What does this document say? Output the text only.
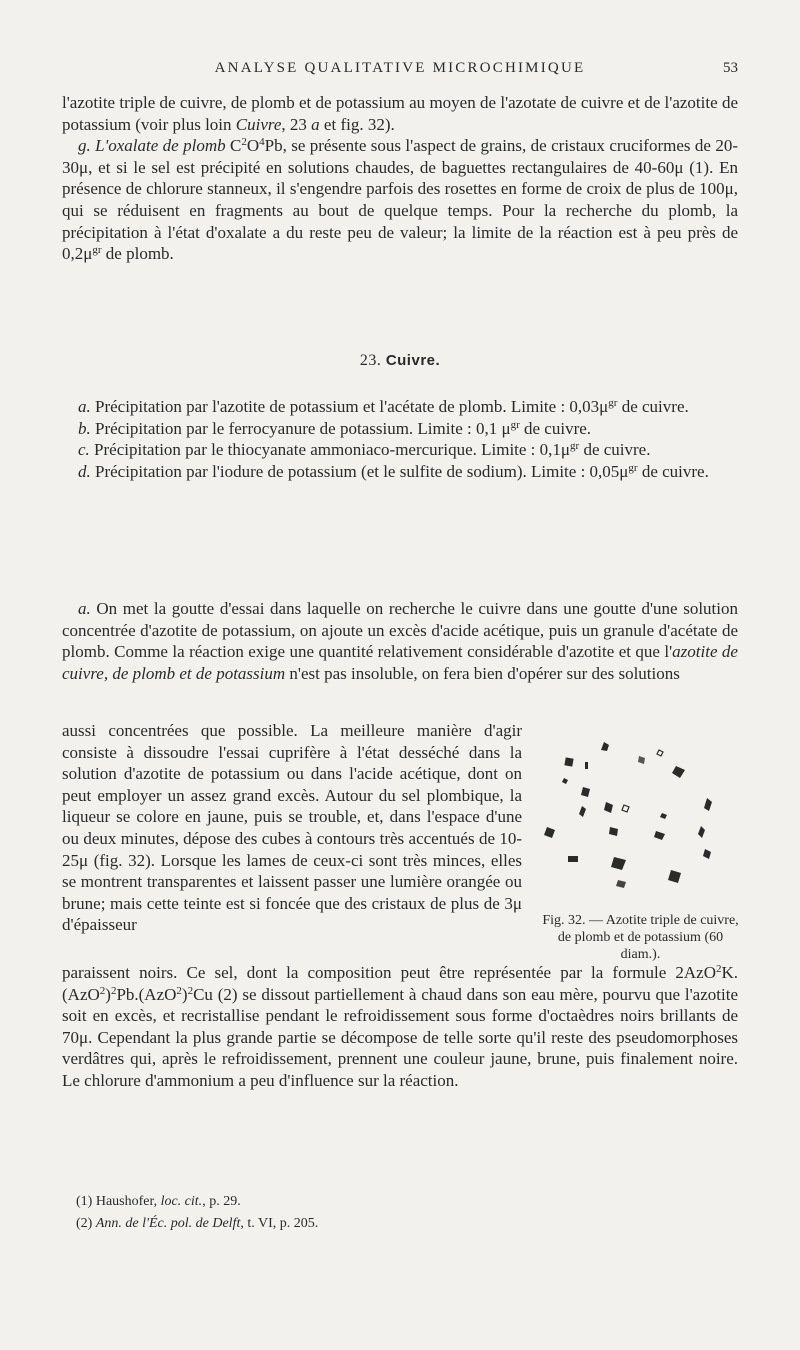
ANALYSE QUALITATIVE MICROCHIMIQUE	53

l'azotite triple de cuivre, de plomb et de potassium au moyen de l'azotate de cuivre et de l'azotite de potassium (voir plus loin Cuivre, 23 a et fig. 32).

g. L'oxalate de plomb $C^2O^4Pb$, se présente sous l'aspect de grains, de cristaux cruciformes de 20-30μ, et si le sel est précipité en solutions chaudes, de baguettes rectangulaires de 40-60μ (1). En présence de chlorure stanneux, il s'engendre parfois des rosettes en forme de croix de plus de 100μ, qui se réduisent en fragments au bout de quelque temps. Pour la recherche du plomb, la précipitation à l'état d'oxalate a du reste peu de valeur; la limite de la réaction est à peu près de $0,2\mu^{gr}$ de plomb.

23. Cuivre.

a. Précipitation par l'azotite de potassium et l'acétate de plomb. Limite : $0,03\mu^{gr}$ de cuivre.

b. Précipitation par le ferrocyanure de potassium. Limite : 0,1 $\mu^{gr}$ de cuivre.

c. Précipitation par le thiocyanate ammoniaco-mercurique. Limite : $0,1\mu^{gr}$ de cuivre.

d. Précipitation par l'iodure de potassium (et le sulfite de sodium). Limite : $0,05\mu^{gr}$ de cuivre.

a. On met la goutte d'essai dans laquelle on recherche le cuivre dans une goutte d'une solution concentrée d'azotite de potassium, on ajoute un excès d'acide acétique, puis un granule d'acétate de plomb. Comme la réaction exige une quantité relativement considérable d'azotite et que l'azotite de cuivre, de plomb et de potassium n'est pas insoluble, on fera bien d'opérer sur des solutions

aussi concentrées que possible. La meilleure manière d'agir consiste à dissoudre l'essai cuprifère à l'état desséché dans la solution d'azotite de potassium ou dans l'acide acétique, dont on peut employer un assez grand excès. Autour du sel plombique, la liqueur se colore en jaune, puis se trouble, et, dans l'espace d'une ou deux minutes, dépose des cubes à contours très accentués de 10-25μ (fig. 32). Lorsque les lames de ceux-ci sont très minces, elles se montrent transparentes et laissent passer une lumière orangée ou brune; mais cette teinte est si foncée que des cristaux de plus de 3μ d'épaisseur	Fig. 32. — Azotite triple de cuivre, de plomb et de potassium (60 diam.).

paraissent noirs. Ce sel, dont la composition peut être représentée par la formule $2AzO^2K.(AzO^2)^2Pb.(AzO^2)^2Cu$ (2) se dissout partiellement à chaud dans son eau mère, pourvu que l'azotite soit en excès, et recristallise pendant le refroidissement sous forme d'octaèdres noirs brillants de 70μ. Cependant la plus grande partie se décompose de telle sorte qu'il reste des pseudomorphoses verdâtres qui, après le refroidissement, prennent une couleur jaune, brune, puis finalement noire. Le chlorure d'ammonium a peu d'influence sur la réaction.

(1) Haushofer, loc. cit., p. 29.

(2) Ann. de l'Éc. pol. de Delft, t. VI, p. 205.
